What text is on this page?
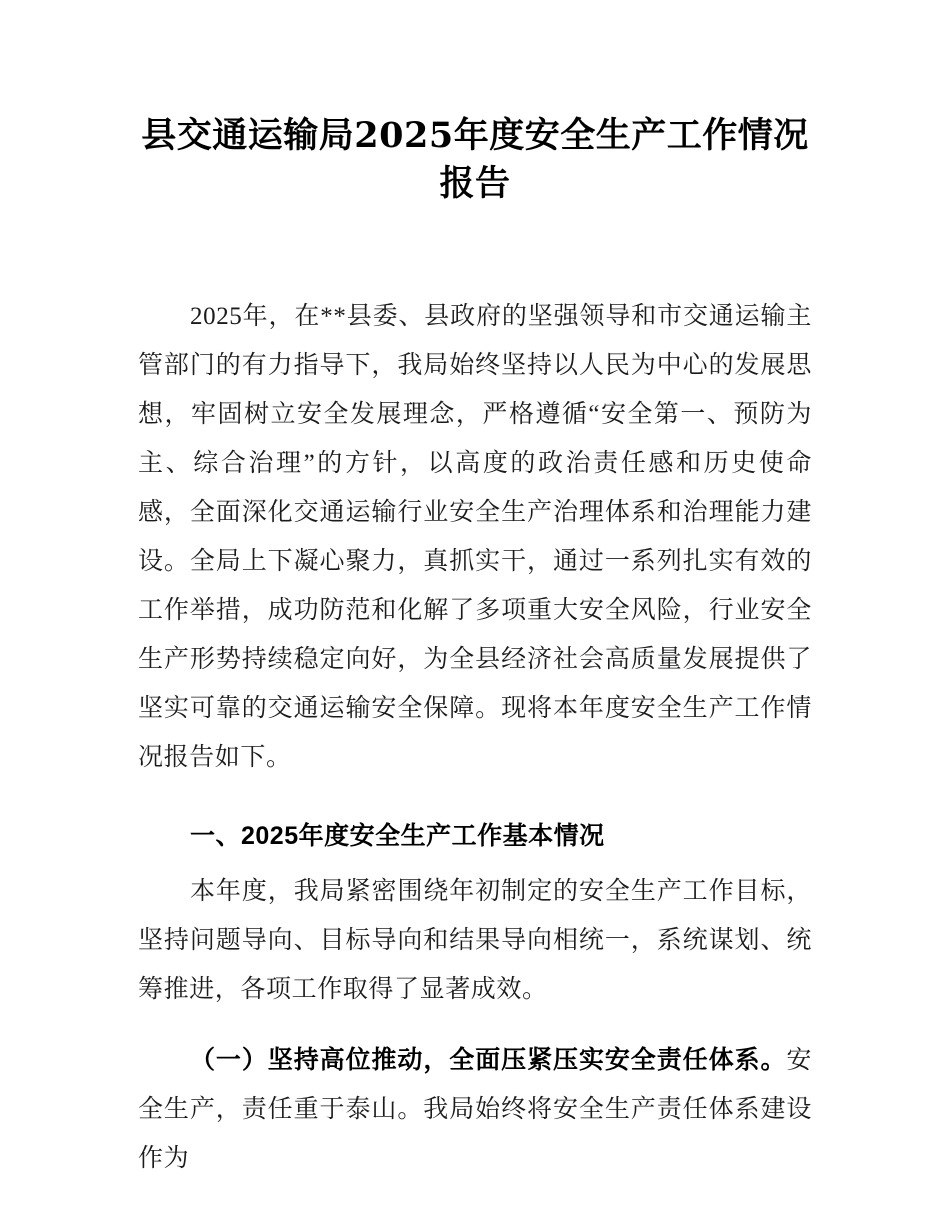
县交通运输局2025年度安全生产工作情况报告

2025年，在**县委、县政府的坚强领导和市交通运输主管部门的有力指导下，我局始终坚持以人民为中心的发展思想，牢固树立安全发展理念，严格遵循“安全第一、预防为主、综合治理”的方针，以高度的政治责任感和历史使命感，全面深化交通运输行业安全生产治理体系和治理能力建设。全局上下凝心聚力，真抓实干，通过一系列扎实有效的工作举措，成功防范和化解了多项重大安全风险，行业安全生产形势持续稳定向好，为全县经济社会高质量发展提供了坚实可靠的交通运输安全保障。现将本年度安全生产工作情况报告如下。

一、2025年度安全生产工作基本情况

本年度，我局紧密围绕年初制定的安全生产工作目标，坚持问题导向、目标导向和结果导向相统一，系统谋划、统筹推进，各项工作取得了显著成效。

（一）坚持高位推动，全面压紧压实安全责任体系。安全生产，责任重于泰山。我局始终将安全生产责任体系建设作为
